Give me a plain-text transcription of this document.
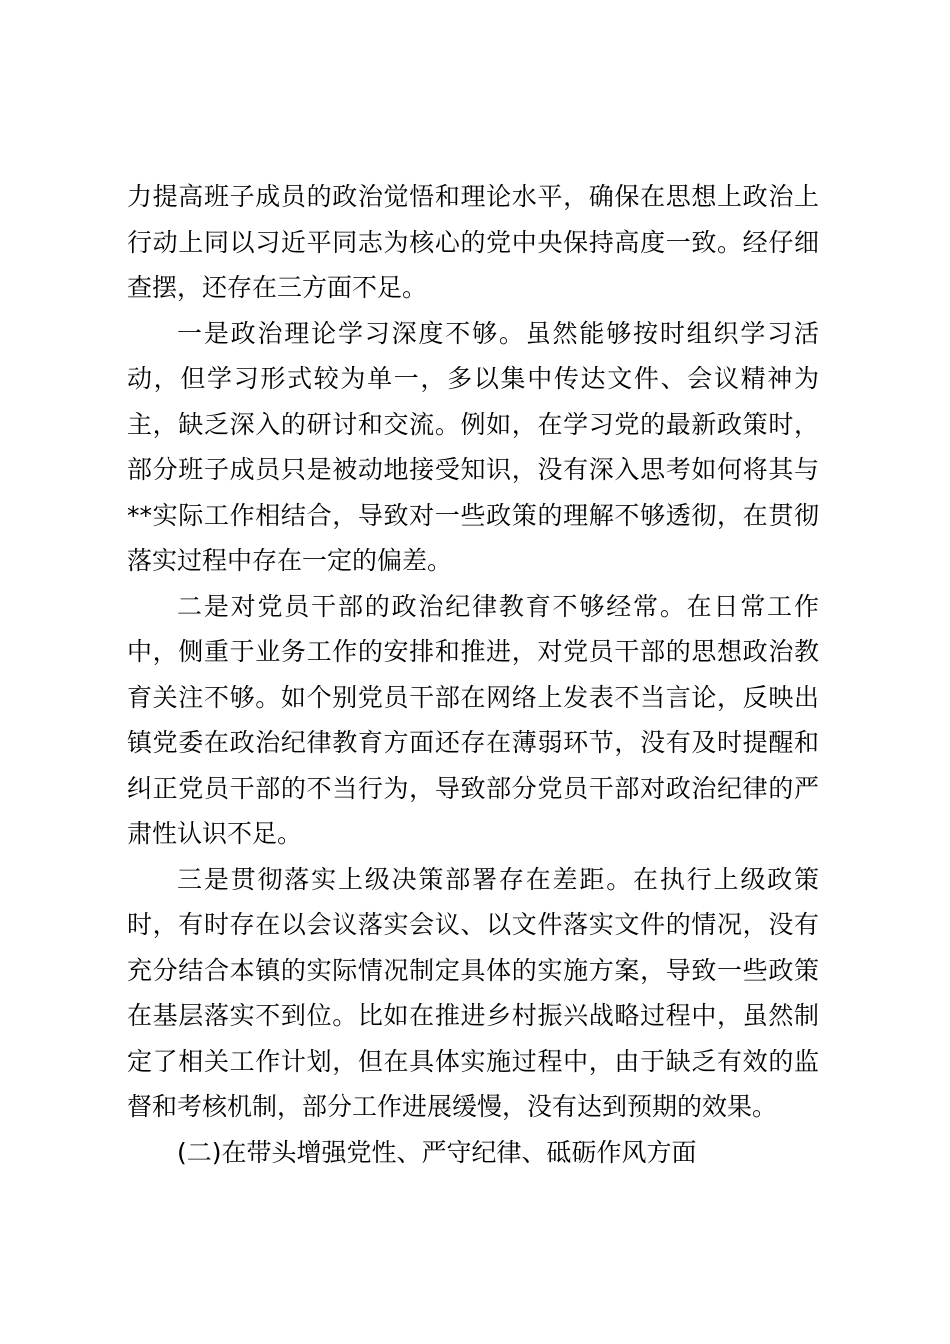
力提高班子成员的政治觉悟和理论水平，确保在思想上政治上行动上同以习近平同志为核心的党中央保持高度一致。经仔细查摆，还存在三方面不足。

一是政治理论学习深度不够。虽然能够按时组织学习活动，但学习形式较为单一，多以集中传达文件、会议精神为主，缺乏深入的研讨和交流。例如，在学习党的最新政策时，部分班子成员只是被动地接受知识，没有深入思考如何将其与**实际工作相结合，导致对一些政策的理解不够透彻，在贯彻落实过程中存在一定的偏差。

二是对党员干部的政治纪律教育不够经常。在日常工作中，侧重于业务工作的安排和推进，对党员干部的思想政治教育关注不够。如个别党员干部在网络上发表不当言论，反映出镇党委在政治纪律教育方面还存在薄弱环节，没有及时提醒和纠正党员干部的不当行为，导致部分党员干部对政治纪律的严肃性认识不足。

三是贯彻落实上级决策部署存在差距。在执行上级政策时，有时存在以会议落实会议、以文件落实文件的情况，没有充分结合本镇的实际情况制定具体的实施方案，导致一些政策在基层落实不到位。比如在推进乡村振兴战略过程中，虽然制定了相关工作计划，但在具体实施过程中，由于缺乏有效的监督和考核机制，部分工作进展缓慢，没有达到预期的效果。

(二)在带头增强党性、严守纪律、砥砺作风方面
